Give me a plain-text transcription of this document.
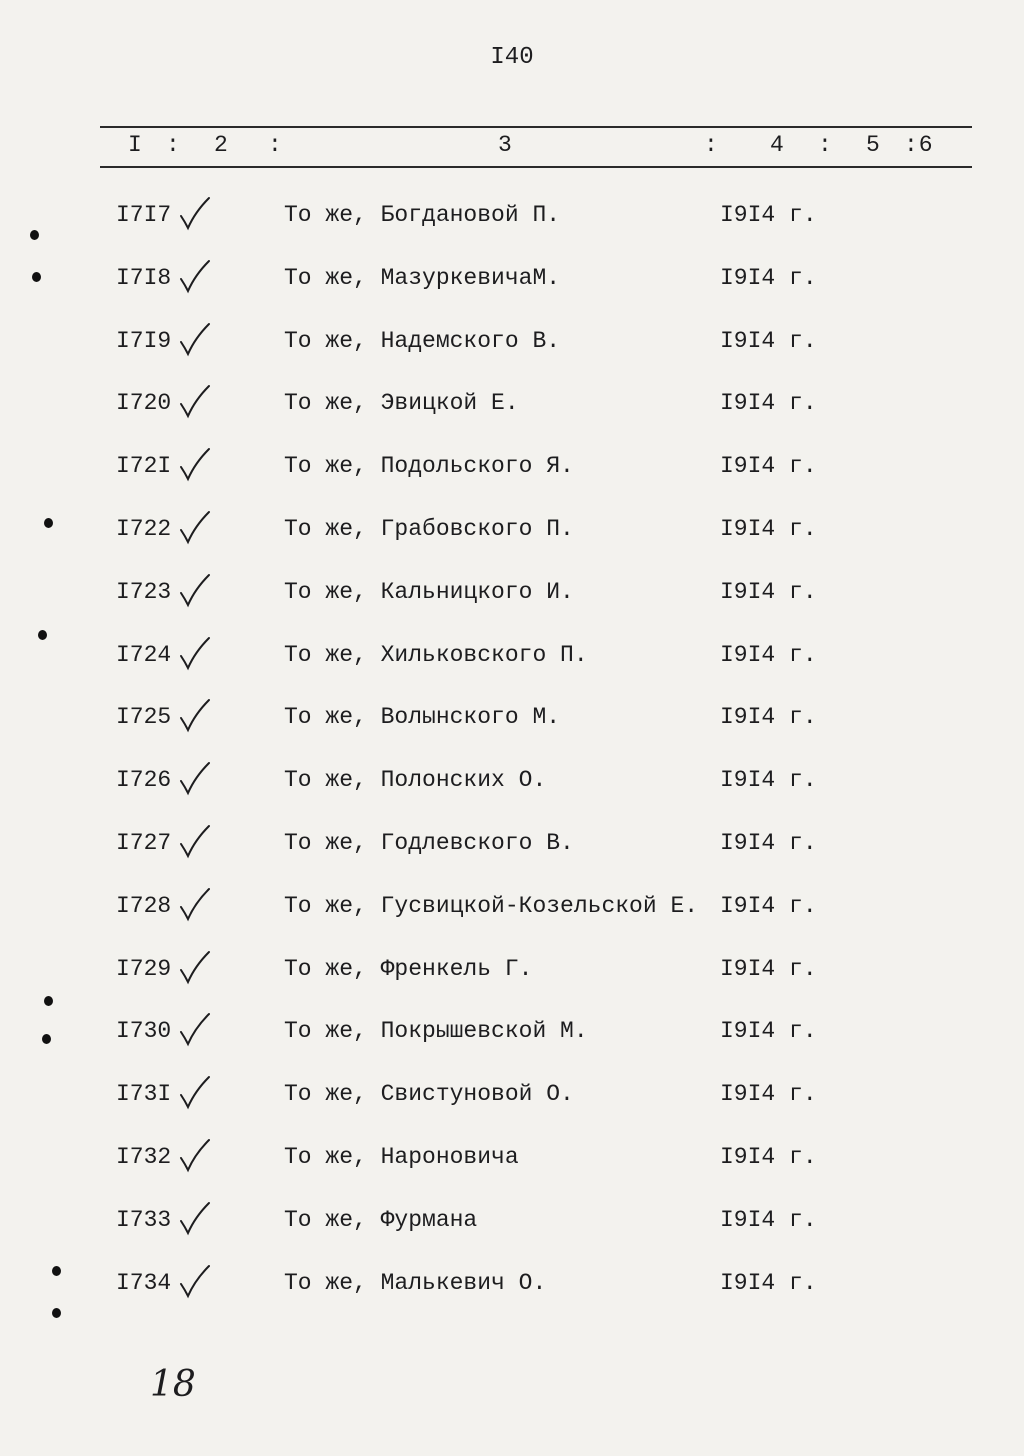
I40
I : 2 :	3	: 4 : 5 :6
I7I7	То же, Богдановой П.	I9I4 г.
I7I8	То же, МазуркевичаМ.	I9I4 г.
I7I9	То же, Надемского В.	I9I4 г.
I720	То же, Эвицкой Е.	I9I4 г.
I72I	То же, Подольского Я.	I9I4 г.
I722	То же, Грабовского П.	I9I4 г.
I723	То же, Кальницкого И.	I9I4 г.
I724	То же, Хильковского П.	I9I4 г.
I725	То же, Волынского М.	I9I4 г.
I726	То же, Полонских О.	I9I4 г.
I727	То же, Годлевского В.	I9I4 г.
I728	То же, Гусвицкой-Козельской Е. I9I4 г.
I729	То же, Френкель Г.	I9I4 г.
I730	То же, Покрышевской М.	I9I4 г.
I73I	То же, Свистуновой О.	I9I4 г.
I732	То же, Нароновича	I9I4 г.
I733	То же, Фурмана	I9I4 г.
I734	То же, Малькевич О.	I9I4 г.
18
